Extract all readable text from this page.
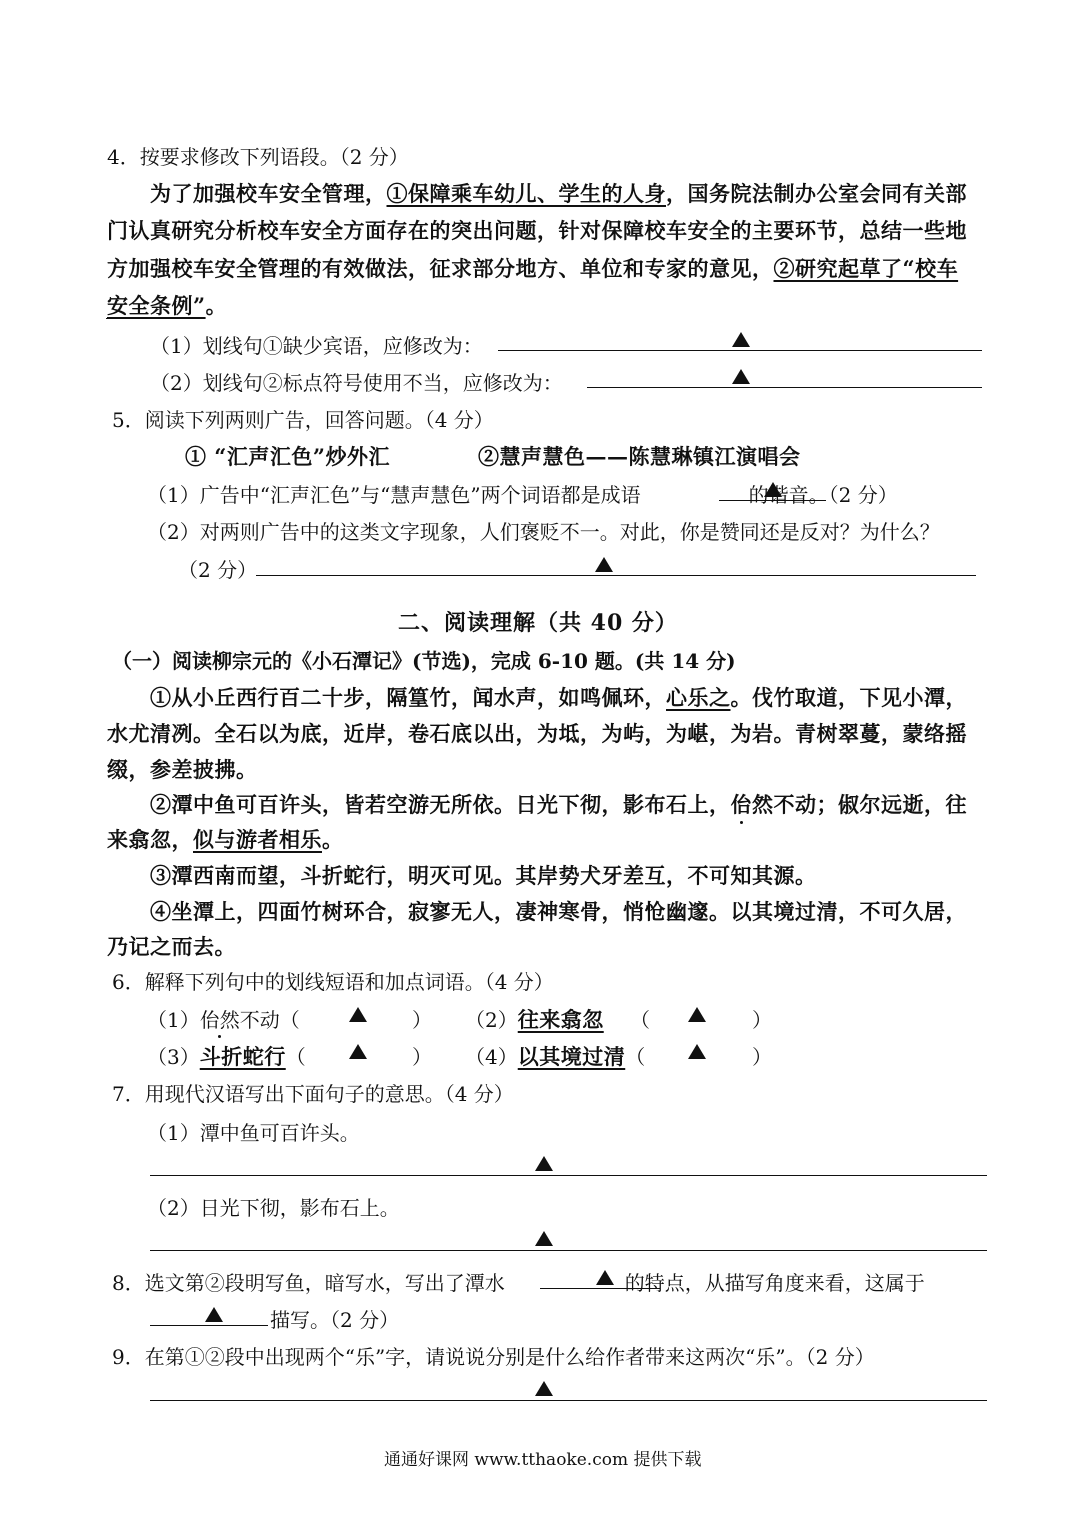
4．按要求修改下列语段。（2 分）
为了加强校车安全管理，①保障乘车幼儿、学生的人身，国务院法制办公室会同有关部
门认真研究分析校车安全方面存在的突出问题，针对保障校车安全的主要环节，总结一些地
方加强校车安全管理的有效做法，征求部分地方、单位和专家的意见，②研究起草了“校车
安全条例”。
（1）划线句①缺少宾语，应修改为：
（2）划线句②标点符号使用不当，应修改为：
5．阅读下列两则广告，回答问题。（4 分）
① “汇声汇色”炒外汇	②慧声慧色——陈慧琳镇江演唱会
（1）广告中“汇声汇色”与“慧声慧色”两个词语都是成语	的谐音。（2 分）
（2）对两则广告中的这类文字现象，人们褒贬不一。对此，你是赞同还是反对？为什么？
（2 分）
二、阅读理解（共 40 分）
（一）阅读柳宗元的《小石潭记》(节选)，完成 6-10 题。(共 14 分)
①从小丘西行百二十步，隔篁竹，闻水声，如鸣佩环，心乐之。伐竹取道，下见小潭，
水尤清冽。全石以为底，近岸，卷石底以出，为坻，为屿，为嵁，为岩。青树翠蔓，蒙络摇
缀，参差披拂。
②潭中鱼可百许头，皆若空游无所依。日光下彻，影布石上，佁然不动；俶尔远逝，往
来翕忽，似与游者相乐。
③潭西南而望，斗折蛇行，明灭可见。其岸势犬牙差互，不可知其源。
④坐潭上，四面竹树环合，寂寥无人，凄神寒骨，悄怆幽邃。以其境过清，不可久居，
乃记之而去。
6．解释下列句中的划线短语和加点词语。（4 分）
（1）佁然不动（	） （2）往来翕忽 （	）
（3）斗折蛇行（	） （4）以其境过清（	）
7．用现代汉语写出下面句子的意思。（4 分）
（1）潭中鱼可百许头。
（2）日光下彻，影布石上。
8．选文第②段明写鱼，暗写水，写出了潭水	的特点，从描写角度来看，这属于
描写。（2 分）
9．在第①②段中出现两个“乐”字，请说说分别是什么给作者带来这两次“乐”。（2 分）
通通好课网 www.tthaoke.com 提供下载
